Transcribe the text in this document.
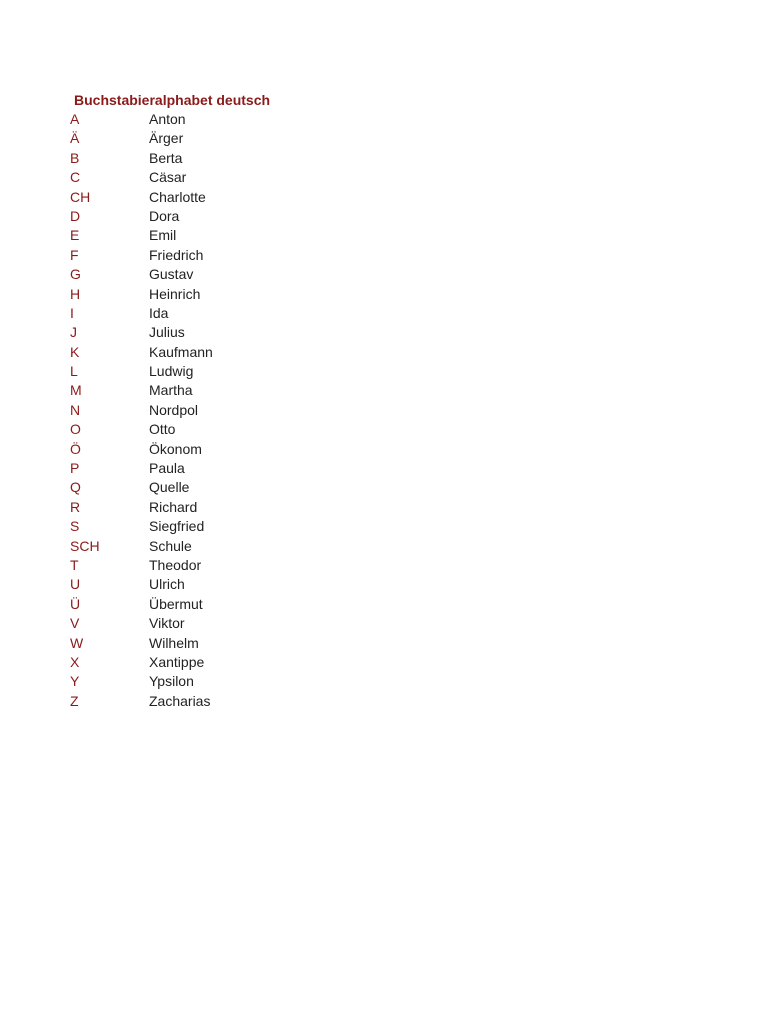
Buchstabieralphabet deutsch
A	Anton
Ä	Ärger
B	Berta
C	Cäsar
CH	Charlotte
D	Dora
E	Emil
F	Friedrich
G	Gustav
H	Heinrich
I	Ida
J	Julius
K	Kaufmann
L	Ludwig
M	Martha
N	Nordpol
O	Otto
Ö	Ökonom
P	Paula
Q	Quelle
R	Richard
S	Siegfried
SCH	Schule
T	Theodor
U	Ulrich
Ü	Übermut
V	Viktor
W	Wilhelm
X	Xantippe
Y	Ypsilon
Z	Zacharias
